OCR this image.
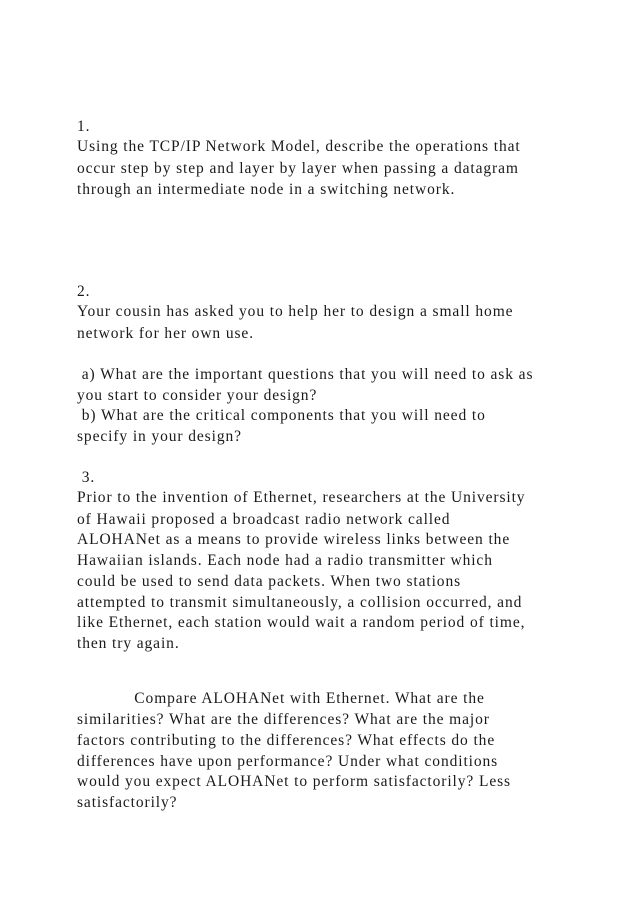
1.

Using the TCP/IP Network Model, describe the operations that

occur step by step and layer by layer when passing a datagram

through an intermediate node in a switching network.

2.

Your cousin has asked you to help her to design a small home

network for her own use.

a) What are the important questions that you will need to ask as

you start to consider your design?

b) What are the critical components that you will need to

specify in your design?

3.

Prior to the invention of Ethernet, researchers at the University

of Hawaii proposed a broadcast radio network called

ALOHANet as a means to provide wireless links between the

Hawaiian islands. Each node had a radio transmitter which

could be used to send data packets. When two stations

attempted to transmit simultaneously, a collision occurred, and

like Ethernet, each station would wait a random period of time,

then try again.

Compare ALOHANet with Ethernet. What are the

similarities? What are the differences? What are the major

factors contributing to the differences? What effects do the

differences have upon performance? Under what conditions

would you expect ALOHANet to perform satisfactorily? Less

satisfactorily?
